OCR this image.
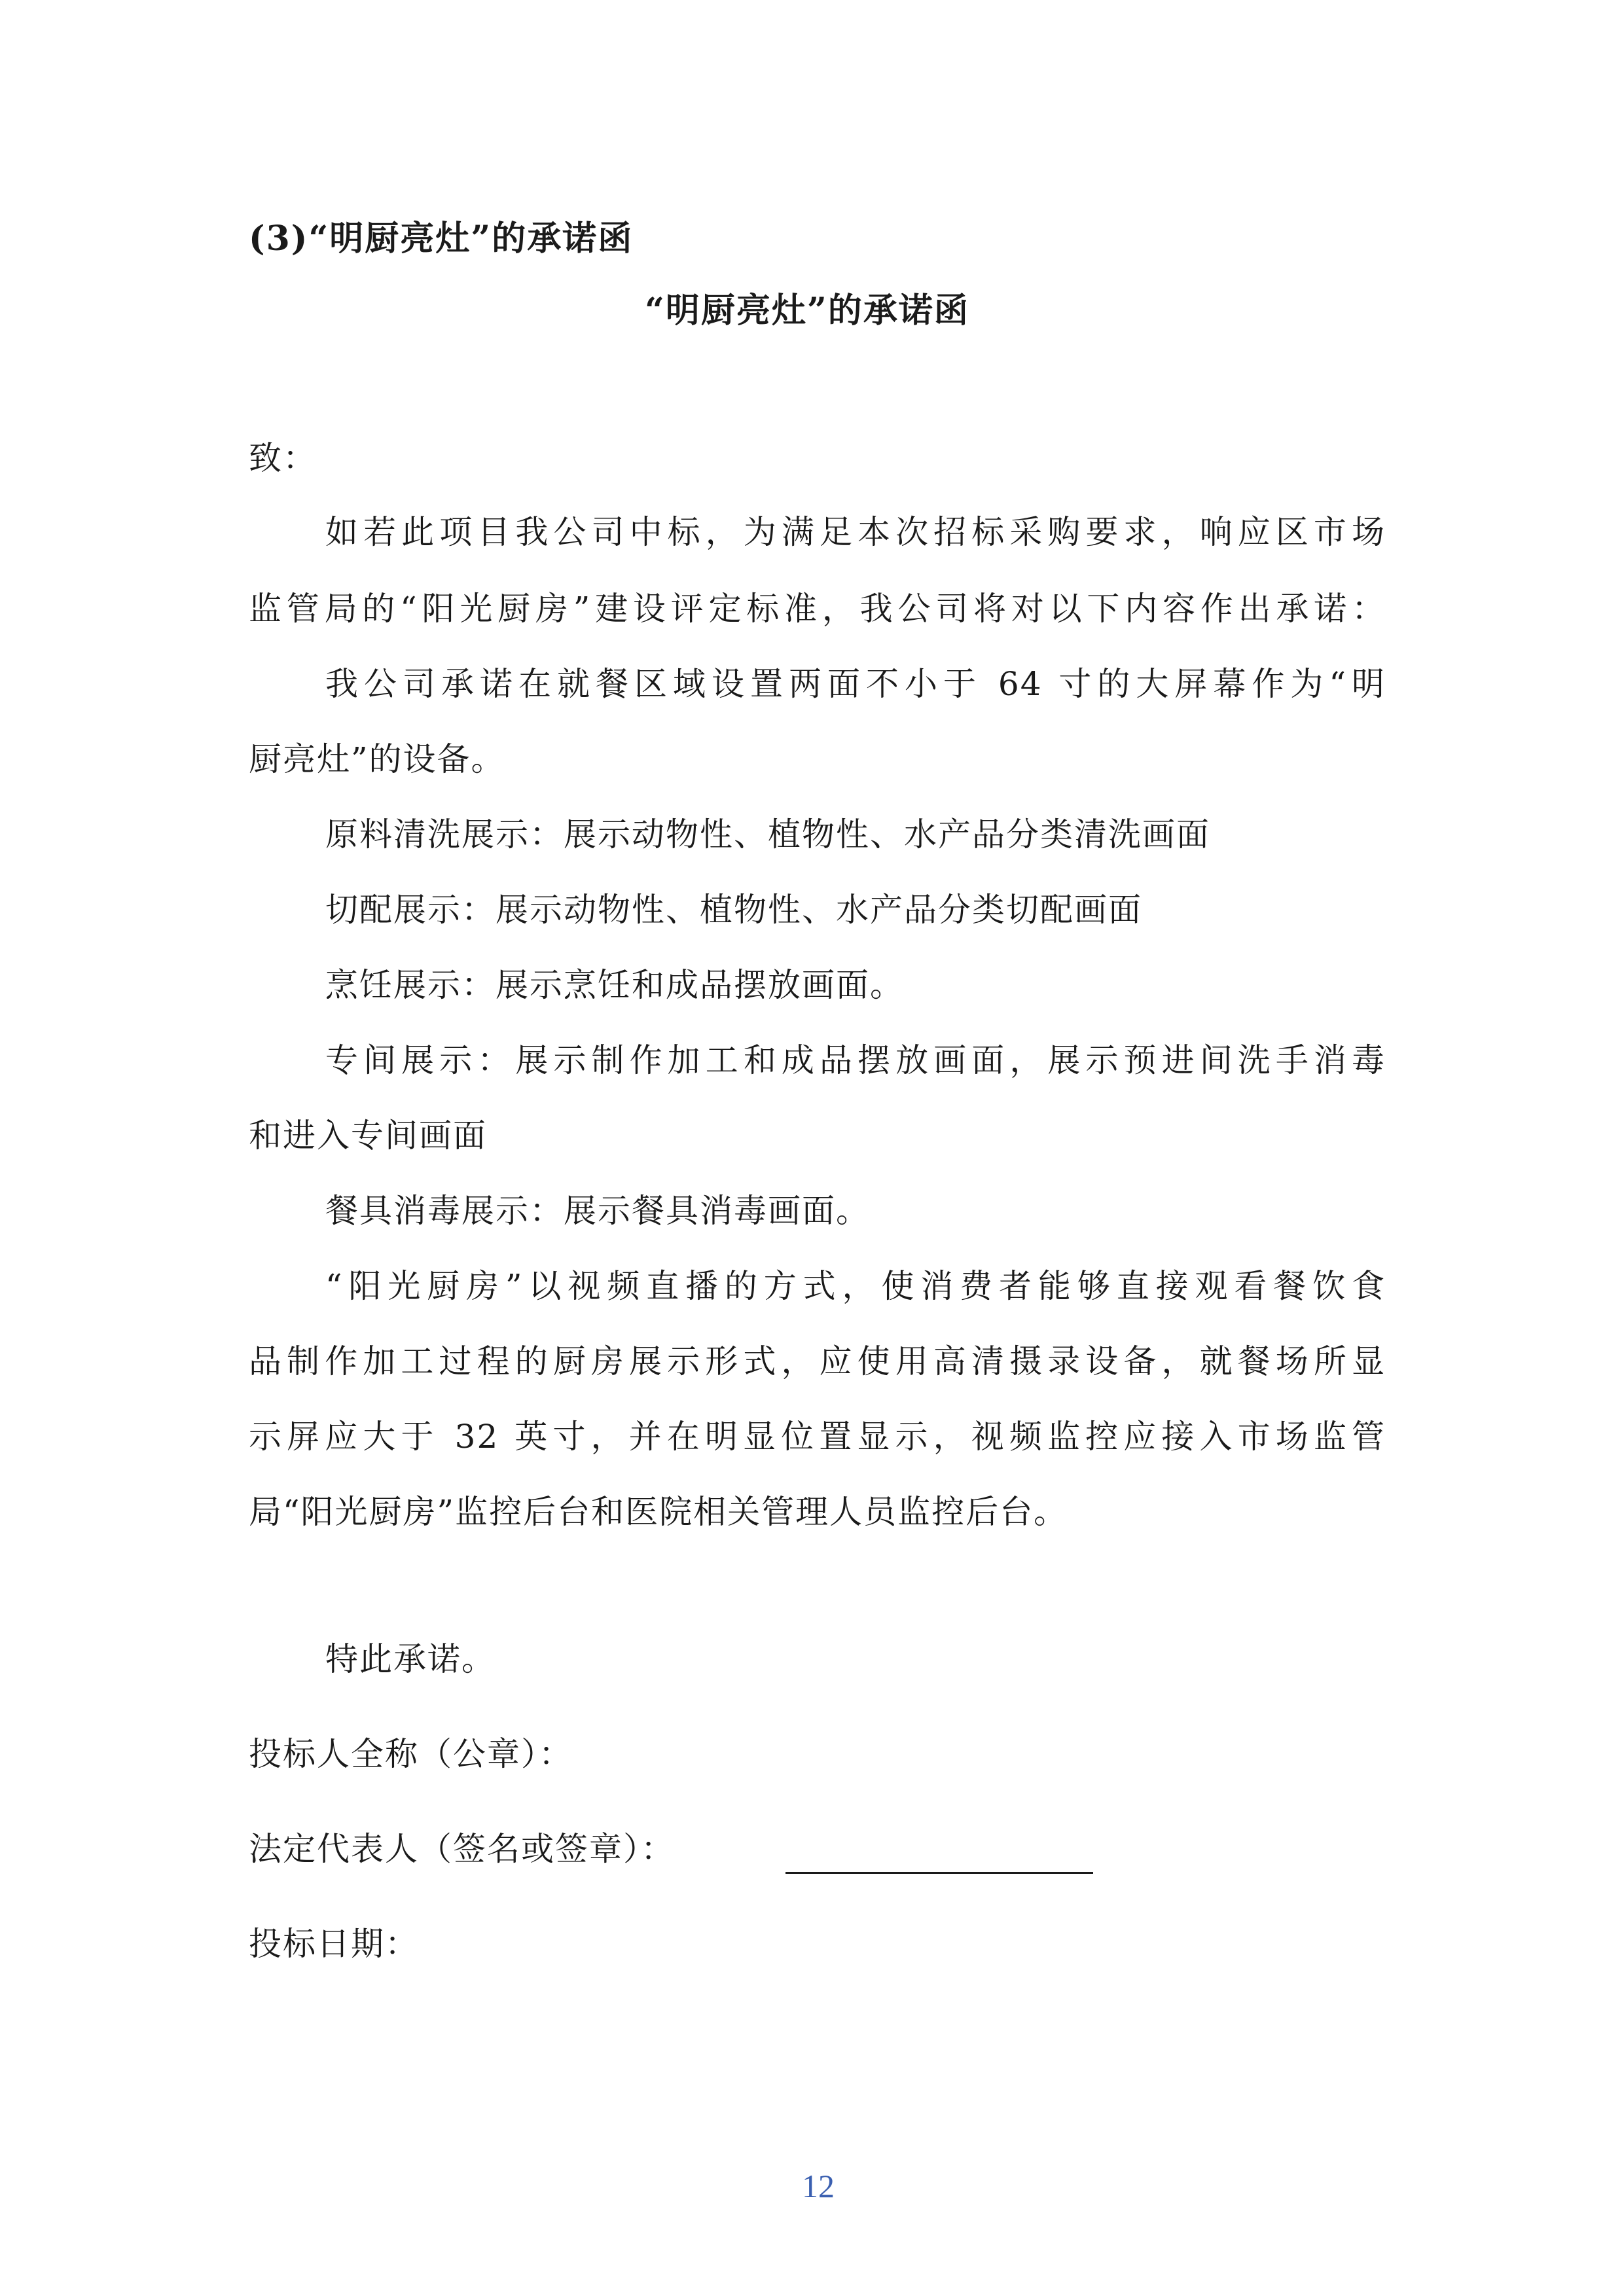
(3)“明厨亮灶”的承诺函
“明厨亮灶”的承诺函
致：
如若此项目我公司中标，为满足本次招标采购要求，响应区市场
监管局的“阳光厨房”建设评定标准，我公司将对以下内容作出承诺：
我公司承诺在就餐区域设置两面不小于 64 寸的大屏幕作为“明
厨亮灶”的设备。
原料清洗展示：展示动物性、植物性、水产品分类清洗画面
切配展示：展示动物性、植物性、水产品分类切配画面
烹饪展示：展示烹饪和成品摆放画面。
专间展示：展示制作加工和成品摆放画面，展示预进间洗手消毒
和进入专间画面
餐具消毒展示：展示餐具消毒画面。
“阳光厨房”以视频直播的方式，使消费者能够直接观看餐饮食
品制作加工过程的厨房展示形式，应使用高清摄录设备，就餐场所显
示屏应大于 32 英寸，并在明显位置显示，视频监控应接入市场监管
局“阳光厨房”监控后台和医院相关管理人员监控后台。
特此承诺。
投标人全称（公章）：
法定代表人（签名或签章）：
投标日期：
12
